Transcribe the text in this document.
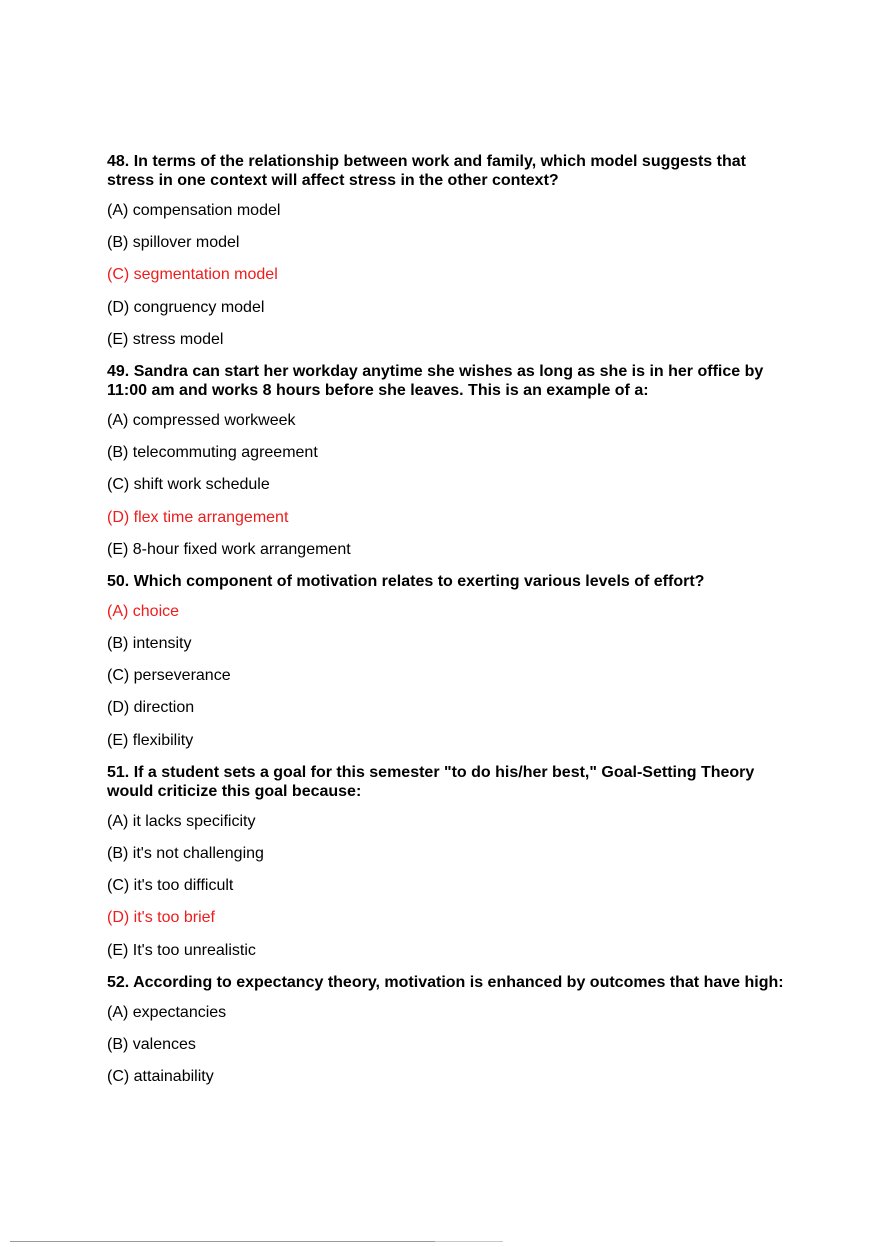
48. In terms of the relationship between work and family, which model suggests that stress in one context will affect stress in the other context?
(A) compensation model
(B) spillover model
(C) segmentation model
(D) congruency model
(E) stress model
49. Sandra can start her workday anytime she wishes as long as she is in her office by 11:00 am and works 8 hours before she leaves. This is an example of a:
(A) compressed workweek
(B) telecommuting agreement
(C) shift work schedule
(D) flex time arrangement
(E) 8-hour fixed work arrangement
50. Which component of motivation relates to exerting various levels of effort?
(A) choice
(B) intensity
(C) perseverance
(D) direction
(E) flexibility
51. If a student sets a goal for this semester "to do his/her best," Goal-Setting Theory would criticize this goal because:
(A) it lacks specificity
(B) it's not challenging
(C) it's too difficult
(D) it's too brief
(E) It's too unrealistic
52. According to expectancy theory, motivation is enhanced by outcomes that have high:
(A) expectancies
(B) valences
(C) attainability
